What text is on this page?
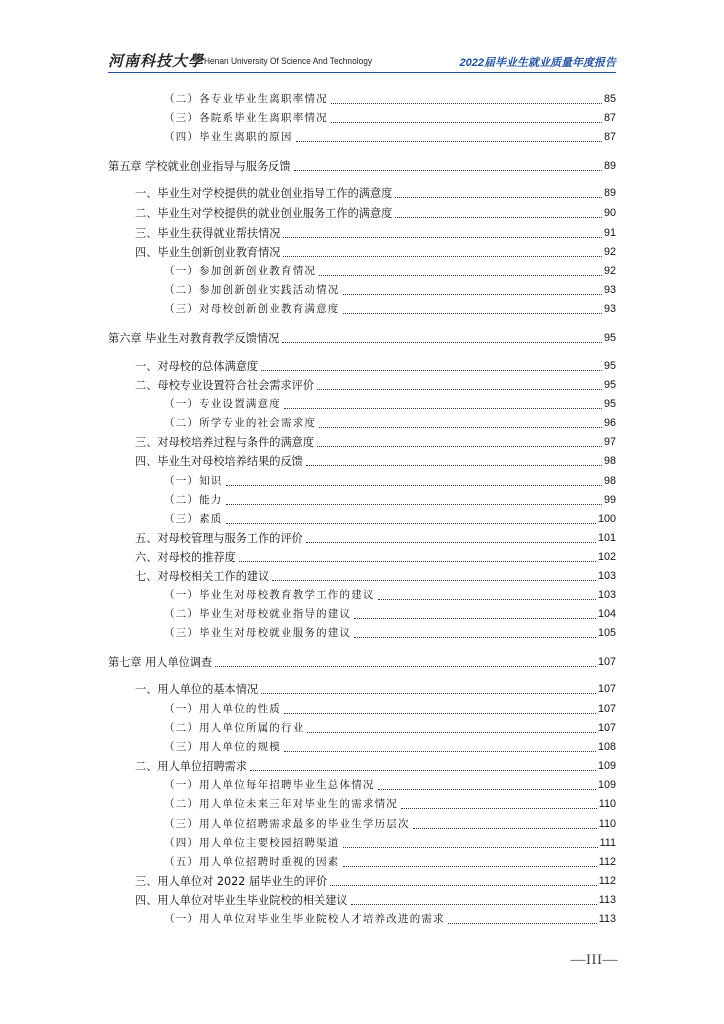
河南科技大學 Henan University Of Science And Technology	2022届毕业生就业质量年度报告
（二）各专业毕业生离职率情况	85
（三）各院系毕业生离职率情况	87
（四）毕业生离职的原因	87
第五章 学校就业创业指导与服务反馈	89
一、毕业生对学校提供的就业创业指导工作的满意度	89
二、毕业生对学校提供的就业创业服务工作的满意度	90
三、毕业生获得就业帮扶情况	91
四、毕业生创新创业教育情况	92
（一）参加创新创业教育情况	92
（二）参加创新创业实践活动情况	93
（三）对母校创新创业教育满意度	93
第六章 毕业生对教育教学反馈情况	95
一、对母校的总体满意度	95
二、母校专业设置符合社会需求评价	95
（一）专业设置满意度	95
（二）所学专业的社会需求度	96
三、对母校培养过程与条件的满意度	97
四、毕业生对母校培养结果的反馈	98
（一）知识	98
（二）能力	99
（三）素质	100
五、对母校管理与服务工作的评价	101
六、对母校的推荐度	102
七、对母校相关工作的建议	103
（一）毕业生对母校教育教学工作的建议	103
（二）毕业生对母校就业指导的建议	104
（三）毕业生对母校就业服务的建议	105
第七章 用人单位调查	107
一、用人单位的基本情况	107
（一）用人单位的性质	107
（二）用人单位所属的行业	107
（三）用人单位的规模	108
二、用人单位招聘需求	109
（一）用人单位每年招聘毕业生总体情况	109
（二）用人单位未来三年对毕业生的需求情况	110
（三）用人单位招聘需求最多的毕业生学历层次	110
（四）用人单位主要校园招聘渠道	111
（五）用人单位招聘时重视的因素	112
三、用人单位对 2022 届毕业生的评价	112
四、用人单位对毕业生毕业院校的相关建议	113
（一）用人单位对毕业生毕业院校人才培养改进的需求	113
—III—
